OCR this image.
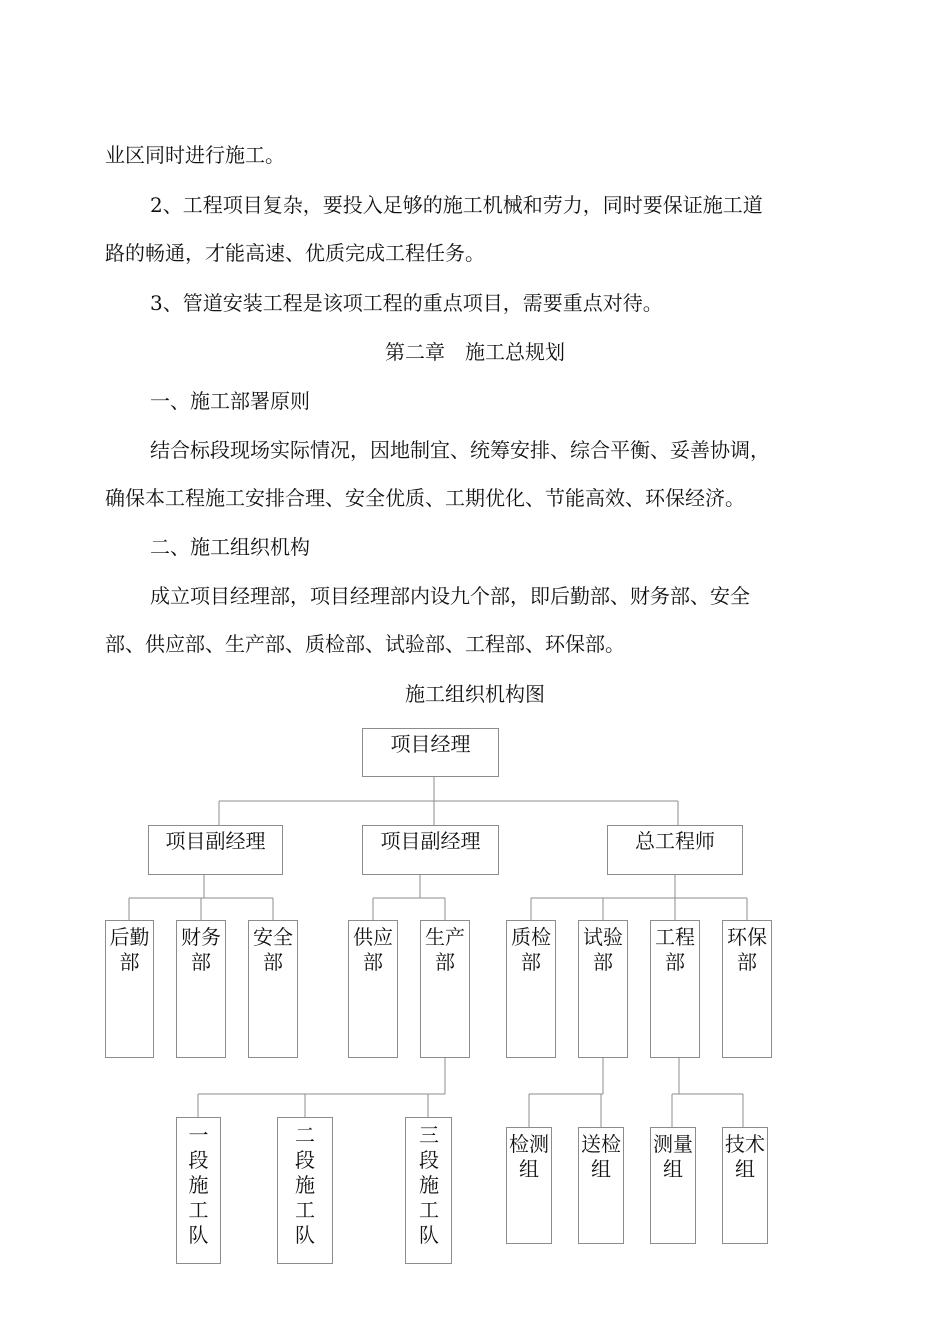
业区同时进行施工。
2、工程项目复杂，要投入足够的施工机械和劳力，同时要保证施工道
路的畅通，才能高速、优质完成工程任务。
3、管道安装工程是该项工程的重点项目，需要重点对待。
第二章　施工总规划
一、施工部署原则
结合标段现场实际情况，因地制宜、统筹安排、综合平衡、妥善协调，
确保本工程施工安排合理、安全优质、工期优化、节能高效、环保经济。
二、施工组织机构
成立项目经理部，项目经理部内设九个部，即后勤部、财务部、安全
部、供应部、生产部、质检部、试验部、工程部、环保部。
施工组织机构图
项目经理
项目副经理	项目副经理	总工程师
后勤部
财务部
安全部
供应部
生产部
质检部
试验部
工程部
环保部
一段施工队
二段施工队
三段施工队
检测组
送检组
测量组
技术组
